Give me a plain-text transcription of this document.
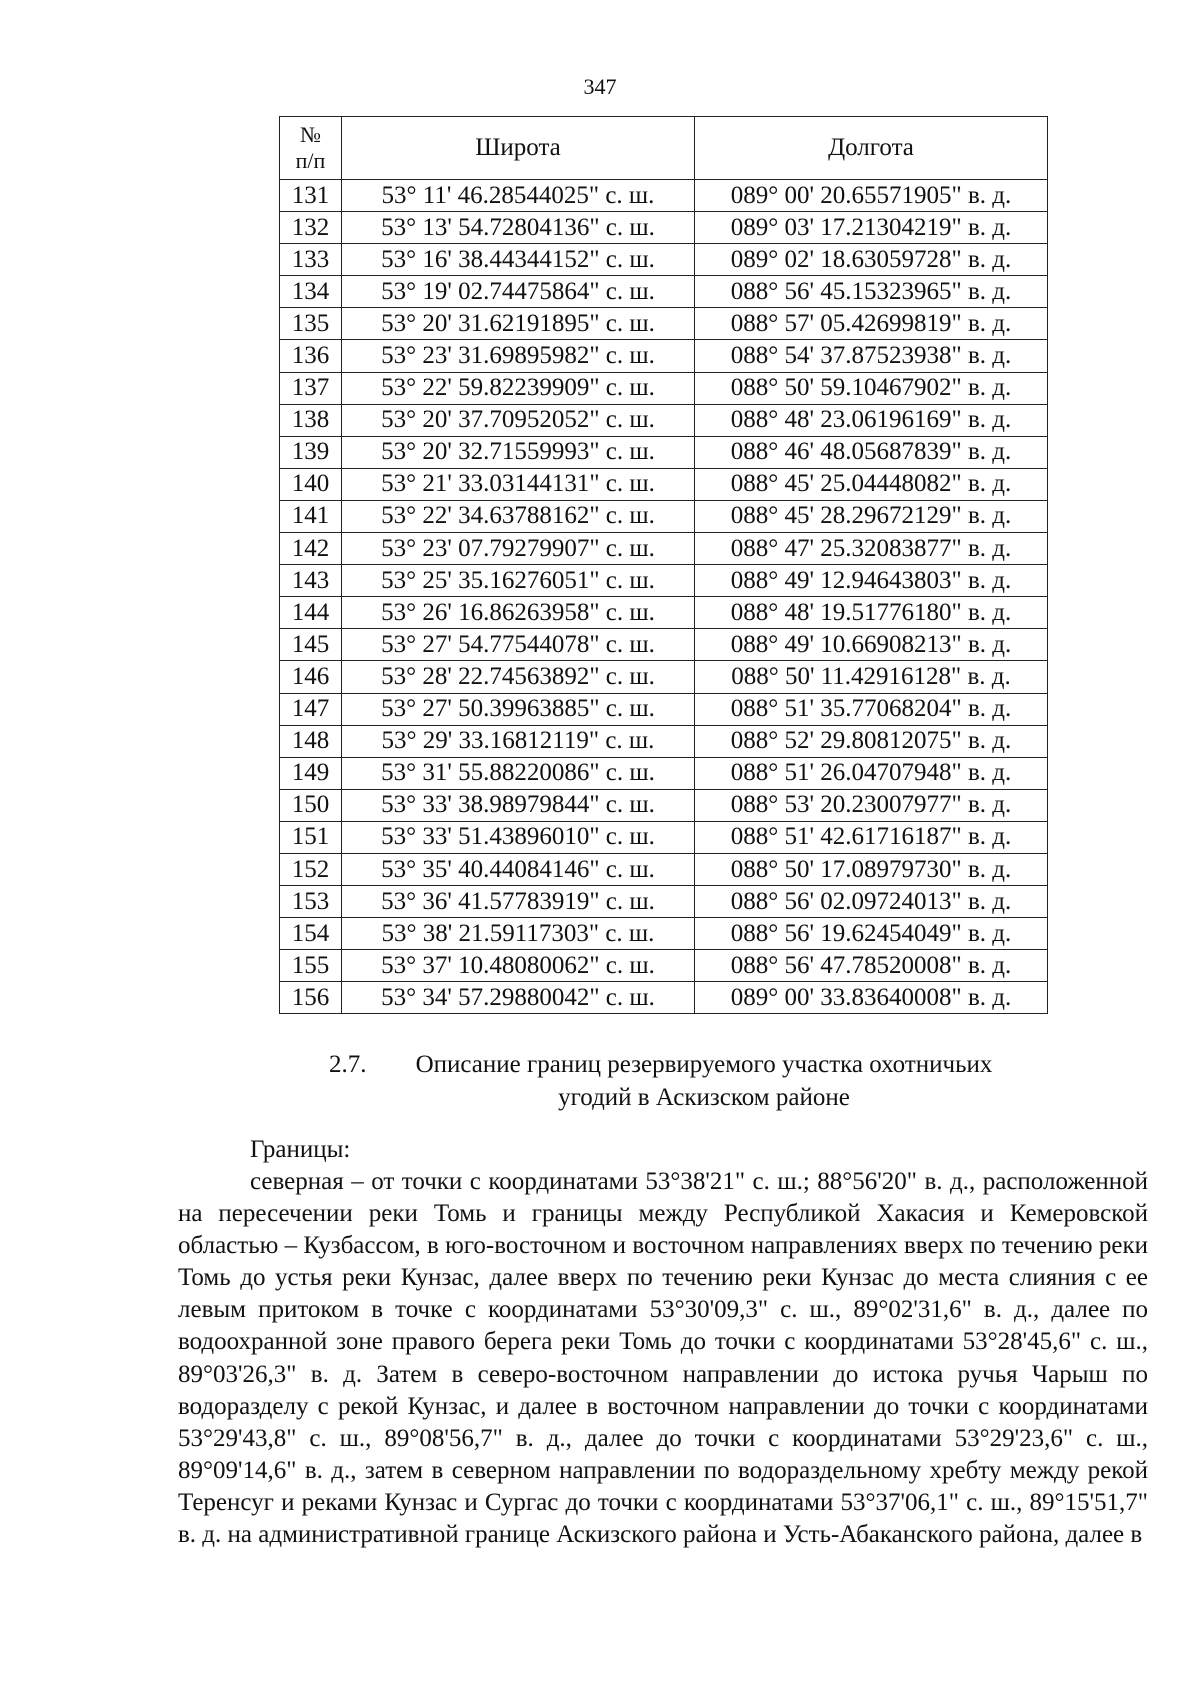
347
№
п/п	Широта	Долгота
131	53° 11' 46.28544025" с. ш.	089° 00' 20.65571905" в. д.
132	53° 13' 54.72804136" с. ш.	089° 03' 17.21304219" в. д.
133	53° 16' 38.44344152" с. ш.	089° 02' 18.63059728" в. д.
134	53° 19' 02.74475864" с. ш.	088° 56' 45.15323965" в. д.
135	53° 20' 31.62191895" с. ш.	088° 57' 05.42699819" в. д.
136	53° 23' 31.69895982" с. ш.	088° 54' 37.87523938" в. д.
137	53° 22' 59.82239909" с. ш.	088° 50' 59.10467902" в. д.
138	53° 20' 37.70952052" с. ш.	088° 48' 23.06196169" в. д.
139	53° 20' 32.71559993" с. ш.	088° 46' 48.05687839" в. д.
140	53° 21' 33.03144131" с. ш.	088° 45' 25.04448082" в. д.
141	53° 22' 34.63788162" с. ш.	088° 45' 28.29672129" в. д.
142	53° 23' 07.79279907" с. ш.	088° 47' 25.32083877" в. д.
143	53° 25' 35.16276051" с. ш.	088° 49' 12.94643803" в. д.
144	53° 26' 16.86263958" с. ш.	088° 48' 19.51776180" в. д.
145	53° 27' 54.77544078" с. ш.	088° 49' 10.66908213" в. д.
146	53° 28' 22.74563892" с. ш.	088° 50' 11.42916128" в. д.
147	53° 27' 50.39963885" с. ш.	088° 51' 35.77068204" в. д.
148	53° 29' 33.16812119" с. ш.	088° 52' 29.80812075" в. д.
149	53° 31' 55.88220086" с. ш.	088° 51' 26.04707948" в. д.
150	53° 33' 38.98979844" с. ш.	088° 53' 20.23007977" в. д.
151	53° 33' 51.43896010" с. ш.	088° 51' 42.61716187" в. д.
152	53° 35' 40.44084146" с. ш.	088° 50' 17.08979730" в. д.
153	53° 36' 41.57783919" с. ш.	088° 56' 02.09724013" в. д.
154	53° 38' 21.59117303" с. ш.	088° 56' 19.62454049" в. д.
155	53° 37' 10.48080062" с. ш.	088° 56' 47.78520008" в. д.
156	53° 34' 57.29880042" с. ш.	089° 00' 33.83640008" в. д.
2.7.	Описание границ резервируемого участка охотничьих угодий в Аскизском районе
Границы:

северная – от точки с координатами 53°38'21" с. ш.; 88°56'20" в. д., расположенной на пересечении реки Томь и границы между Республикой Хакасия и Кемеровской областью – Кузбассом, в юго-восточном и восточном направлениях вверх по течению реки Томь до устья реки Кунзас, далее вверх по течению реки Кунзас до места слияния с ее левым притоком в точке с координатами 53°30'09,3" с. ш., 89°02'31,6" в. д., далее по водоохранной зоне правого берега реки Томь до точки с координатами 53°28'45,6" с. ш., 89°03'26,3" в. д. Затем в северо-восточном направлении до истока ручья Чарыш по водоразделу с рекой Кунзас, и далее в восточном направлении до точки с координатами 53°29'43,8" с. ш., 89°08'56,7" в. д., далее до точки с координатами 53°29'23,6" с. ш., 89°09'14,6" в. д., затем в северном направлении по водораздельному хребту между рекой Теренсуг и реками Кунзас и Сургас до точки с координатами 53°37'06,1" с. ш., 89°15'51,7" в. д. на административной границе Аскизского района и Усть-Абаканского района, далее в
